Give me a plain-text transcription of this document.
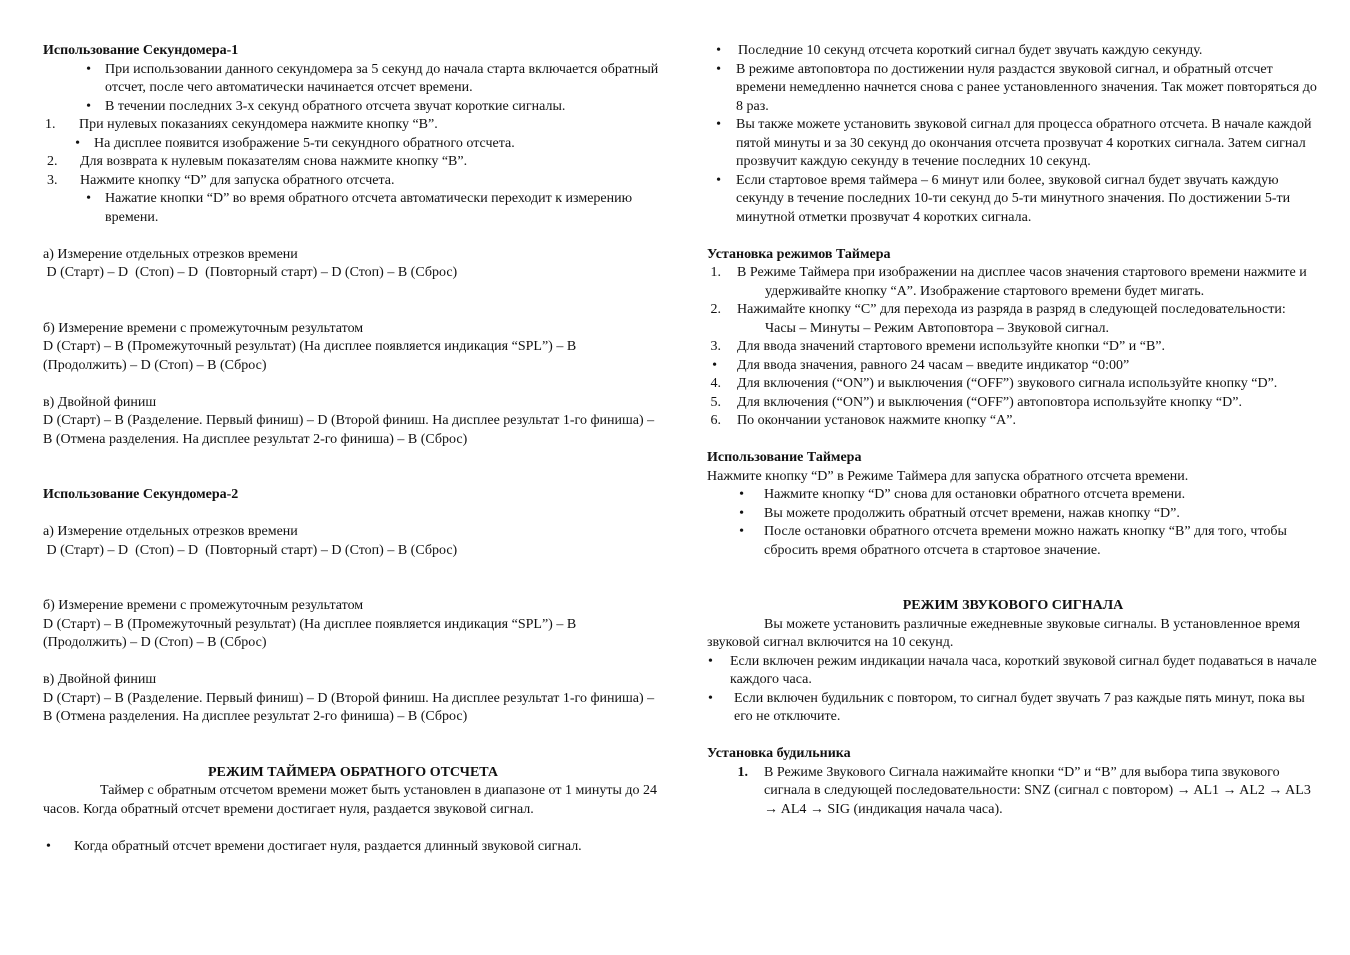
Использование Секундомера-1

•	При использовании данного секундомера за 5 секунд до начала старта включается обратный отсчет, после чего автоматически начинается отсчет времени.
•	В течении последних 3-х секунд обратного отсчета звучат короткие сигналы.
1.	При нулевых показаниях секундомера нажмите кнопку “B”.
•	На дисплее появится изображение 5-ти секундного обратного отсчета.
2.	Для возврата к нулевым показателям снова нажмите кнопку “B”.
3.	Нажмите кнопку “D” для запуска обратного отсчета.
•	Нажатие кнопки “D” во время обратного отсчета автоматически переходит к измерению времени.

а) Измерение отдельных отрезков времени

D (Старт) – D  (Стоп) – D  (Повторный старт) – D (Стоп) – B (Сброс)

б) Измерение времени с промежуточным результатом

D (Старт) – B (Промежуточный результат) (На дисплее появляется индикация “SPL”) – B (Продолжить) – D (Стоп) – B (Сброс)

в) Двойной финиш

D (Старт) – B (Разделение. Первый финиш) – D (Второй финиш. На дисплее результат 1-го финиша) – B (Отмена разделения. На дисплее результат 2-го финиша) – B (Сброс)

Использование Секундомера-2

а) Измерение отдельных отрезков времени

D (Старт) – D  (Стоп) – D  (Повторный старт) – D (Стоп) – B (Сброс)

б) Измерение времени с промежуточным результатом

D (Старт) – B (Промежуточный результат) (На дисплее появляется индикация “SPL”) – B (Продолжить) – D (Стоп) – B (Сброс)

в) Двойной финиш

D (Старт) – B (Разделение. Первый финиш) – D (Второй финиш. На дисплее результат 1-го финиша) – B (Отмена разделения. На дисплее результат 2-го финиша) – B (Сброс)

РЕЖИМ ТАЙМЕРА ОБРАТНОГО ОТСЧЕТА

Таймер с обратным отсчетом времени может быть установлен в диапазоне от 1 минуты до 24 часов. Когда обратный отсчет времени достигает нуля, раздается звуковой сигнал.

•	Когда обратный отсчет времени достигает нуля, раздается длинный звуковой сигнал.
•	Последние 10 секунд отсчета короткий сигнал будет звучать каждую секунду.
•	В режиме автоповтора по достижении нуля раздастся звуковой сигнал, и обратный отсчет времени немедленно начнется снова с ранее установленного значения. Так может повторяться до 8 раз.
•	Вы также можете установить звуковой сигнал для процесса обратного отсчета. В начале каждой пятой минуты и за 30 секунд до окончания отсчета прозвучат 4 коротких сигнала. Затем сигнал прозвучит каждую секунду в течение последних 10 секунд.
•	Если стартовое время таймера – 6 минут или более, звуковой сигнал будет звучать каждую секунду в течение последних 10-ти секунд до 5-ти минутного значения. По достижении 5-ти минутной отметки прозвучат 4 коротких сигнала.

Установка режимов Таймера

1.	В Режиме Таймера при изображении на дисплее часов значения стартового времени нажмите и удерживайте кнопку “A”. Изображение стартового времени будет мигать.
2.	Нажимайте кнопку “C” для перехода из разряда в разряд в следующей последовательности: Часы – Минуты – Режим Автоповтора – Звуковой сигнал.
3.	Для ввода значений стартового времени используйте кнопки “D” и “B”.
•	Для ввода значения, равного 24 часам – введите индикатор “0:00”
4.	Для включения (“ON”) и выключения (“OFF”) звукового сигнала используйте кнопку “D”.
5.	Для включения (“ON”) и выключения (“OFF”) автоповтора используйте кнопку “D”.
6.	По окончании установок нажмите кнопку “A”.

Использование Таймера

Нажмите кнопку “D” в Режиме Таймера для запуска обратного отсчета времени.

•	Нажмите кнопку “D” снова для остановки обратного отсчета времени.
•	Вы можете продолжить обратный отсчет времени, нажав кнопку “D”.
•	После остановки обратного отсчета времени можно нажать кнопку “B” для того, чтобы сбросить время обратного отсчета в стартовое значение.

РЕЖИМ ЗВУКОВОГО СИГНАЛА

Вы можете установить различные ежедневные звуковые сигналы. В установленное время звуковой сигнал включится на 10 секунд.

•	Если включен режим индикации начала часа, короткий звуковой сигнал будет подаваться в начале каждого часа.
•	Если включен будильник с повтором, то сигнал будет звучать 7 раз каждые пять минут, пока вы его не отключите.

Установка будильника

1.	В Режиме Звукового Сигнала нажимайте кнопки “D” и “B” для выбора типа звукового сигнала в следующей последовательности: SNZ (сигнал с повтором) → AL1 → AL2 → AL3 → AL4 → SIG (индикация начала часа).
